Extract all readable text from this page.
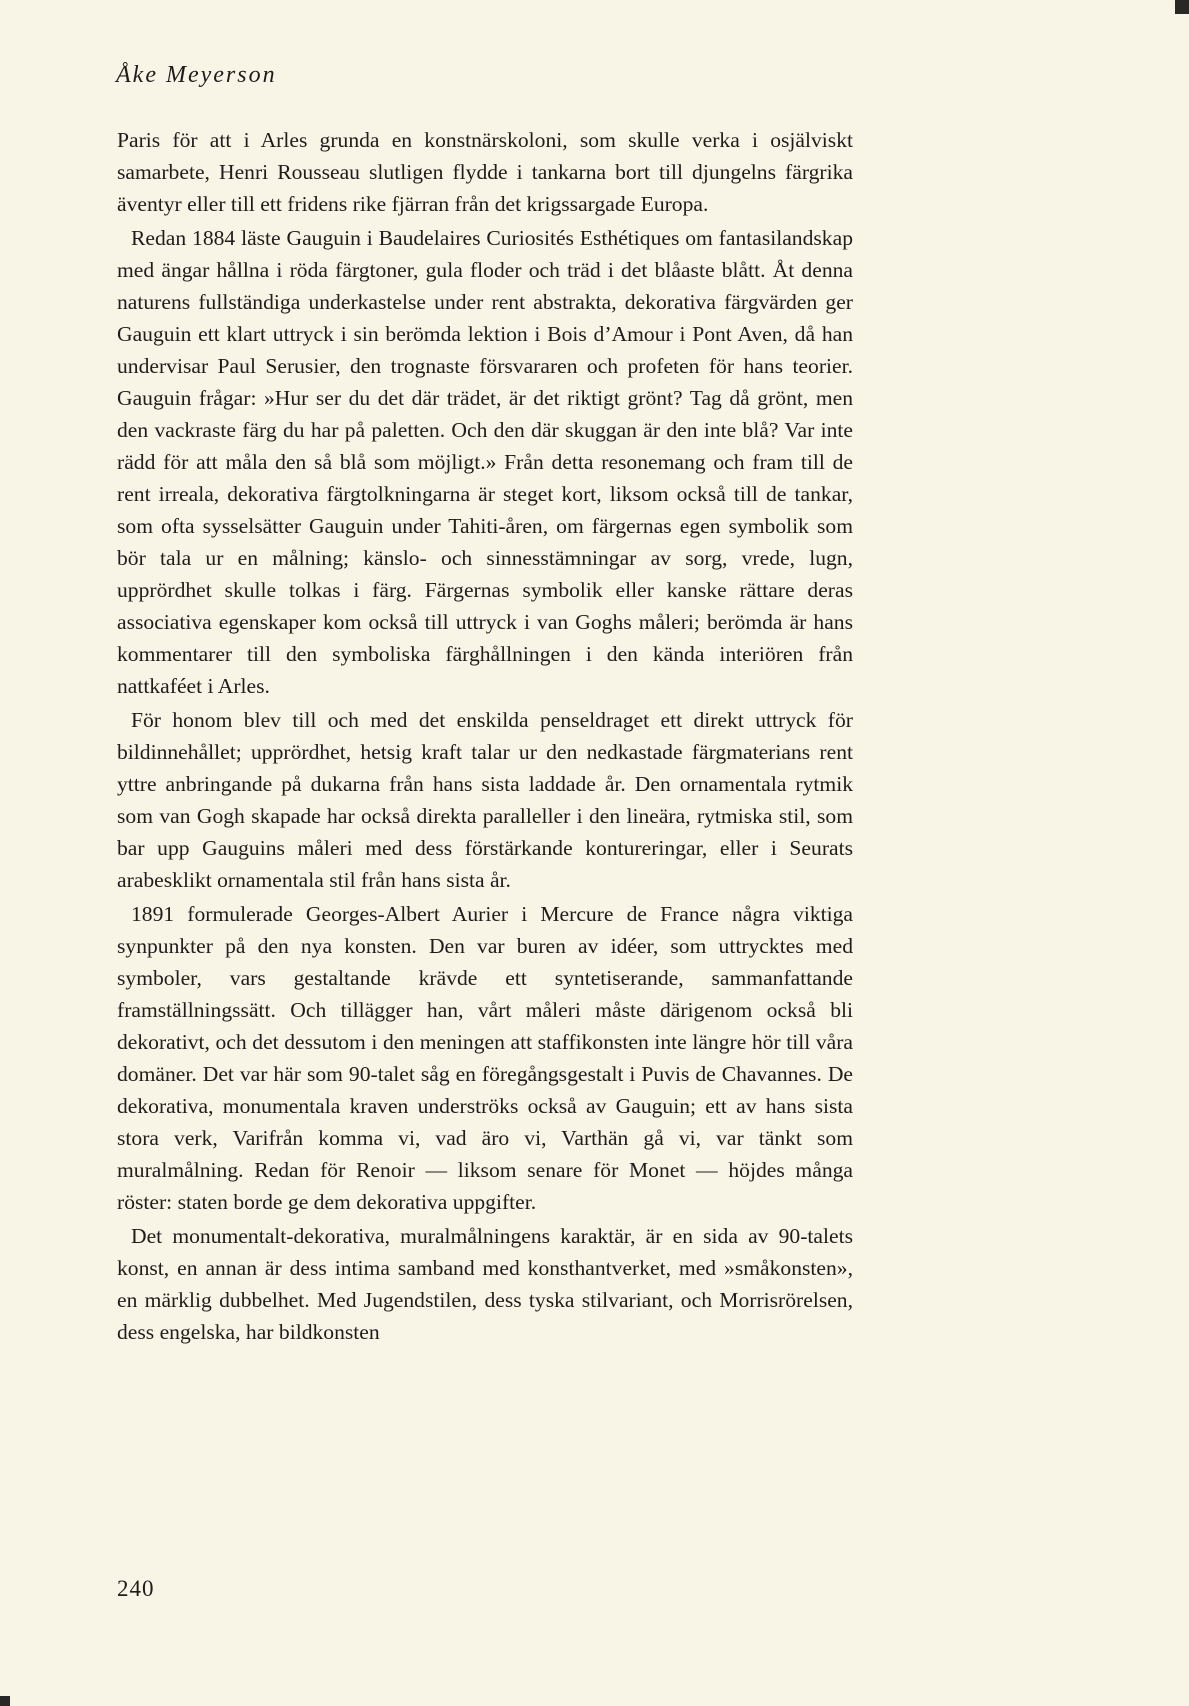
Åke Meyerson

Paris för att i Arles grunda en konstnärskoloni, som skulle verka i osjälviskt samarbete, Henri Rousseau slutligen flydde i tankarna bort till djungelns färgrika äventyr eller till ett fridens rike fjärran från det krigssargade Europa.

Redan 1884 läste Gauguin i Baudelaires Curiosités Esthétiques om fantasilandskap med ängar hållna i röda färgtoner, gula floder och träd i det blåaste blått. Åt denna naturens fullständiga underkastelse under rent abstrakta, dekorativa färgvärden ger Gauguin ett klart uttryck i sin berömda lektion i Bois d’Amour i Pont Aven, då han undervisar Paul Serusier, den trognaste försvararen och profeten för hans teorier. Gauguin frågar: »Hur ser du det där trädet, är det riktigt grönt? Tag då grönt, men den vackraste färg du har på paletten. Och den där skuggan är den inte blå? Var inte rädd för att måla den så blå som möjligt.» Från detta resonemang och fram till de rent irreala, dekorativa färgtolkningarna är steget kort, liksom också till de tankar, som ofta sysselsätter Gauguin under Tahiti-åren, om färgernas egen symbolik som bör tala ur en målning; känslo- och sinnesstämningar av sorg, vrede, lugn, upprördhet skulle tolkas i färg. Färgernas symbolik eller kanske rättare deras associativa egenskaper kom också till uttryck i van Goghs måleri; berömda är hans kommentarer till den symboliska färghållningen i den kända interiören från nattkaféet i Arles.

För honom blev till och med det enskilda penseldraget ett direkt uttryck för bildinnehållet; upprördhet, hetsig kraft talar ur den nedkastade färgmaterians rent yttre anbringande på dukarna från hans sista laddade år. Den ornamentala rytmik som van Gogh skapade har också direkta paralleller i den lineära, rytmiska stil, som bar upp Gauguins måleri med dess förstärkande kontureringar, eller i Seurats arabesklikt ornamentala stil från hans sista år.

1891 formulerade Georges-Albert Aurier i Mercure de France några viktiga synpunkter på den nya konsten. Den var buren av idéer, som uttrycktes med symboler, vars gestaltande krävde ett syntetiserande, sammanfattande framställningssätt. Och tillägger han, vårt måleri måste därigenom också bli dekorativt, och det dessutom i den meningen att staffikonsten inte längre hör till våra domäner. Det var här som 90-talet såg en föregångsgestalt i Puvis de Chavannes. De dekorativa, monumentala kraven underströks också av Gauguin; ett av hans sista stora verk, Varifrån komma vi, vad äro vi, Varthän gå vi, var tänkt som muralmålning. Redan för Renoir — liksom senare för Monet — höjdes många röster: staten borde ge dem dekorativa uppgifter.

Det monumentalt-dekorativa, muralmålningens karaktär, är en sida av 90-talets konst, en annan är dess intima samband med konsthantverket, med »småkonsten», en märklig dubbelhet. Med Jugendstilen, dess tyska stilvariant, och Morrisrörelsen, dess engelska, har bildkonsten

240
